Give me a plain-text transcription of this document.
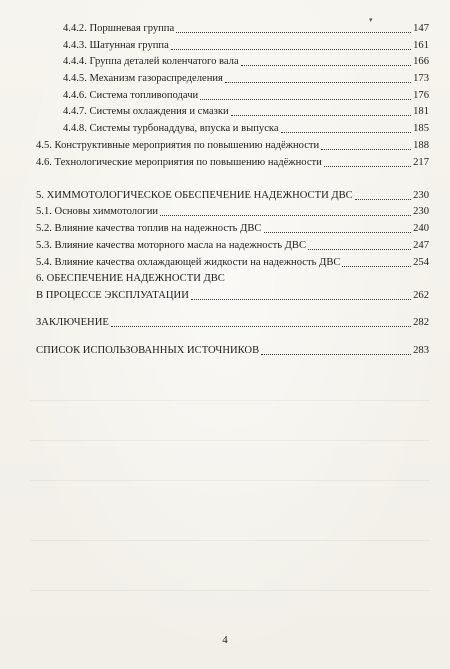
▾
4.4.2. Поршневая группа	147
4.4.3. Шатунная группа	161
4.4.4. Группа деталей коленчатого вала	166
4.4.5. Механизм газораспределения	173
4.4.6. Система топливоподачи	176
4.4.7. Системы охлаждения и смазки	181
4.4.8. Системы турбонаддува, впуска и выпуска	185
4.5. Конструктивные мероприятия по повышению надёжности	188
4.6. Технологические мероприятия по повышению надёжности	217
5. ХИММОТОЛОГИЧЕСКОЕ ОБЕСПЕЧЕНИЕ НАДЕЖНОСТИ ДВС	230
5.1. Основы химмотологии	230
5.2. Влияние качества топлив на надежность ДВС	240
5.3. Влияние качества моторного масла на надежность ДВС	247
5.4. Влияние качества охлаждающей жидкости на надежность ДВС	254
6. ОБЕСПЕЧЕНИЕ НАДЕЖНОСТИ ДВС
В ПРОЦЕССЕ ЭКСПЛУАТАЦИИ	262
ЗАКЛЮЧЕНИЕ	282
СПИСОК ИСПОЛЬЗОВАННЫХ ИСТОЧНИКОВ	283
4
